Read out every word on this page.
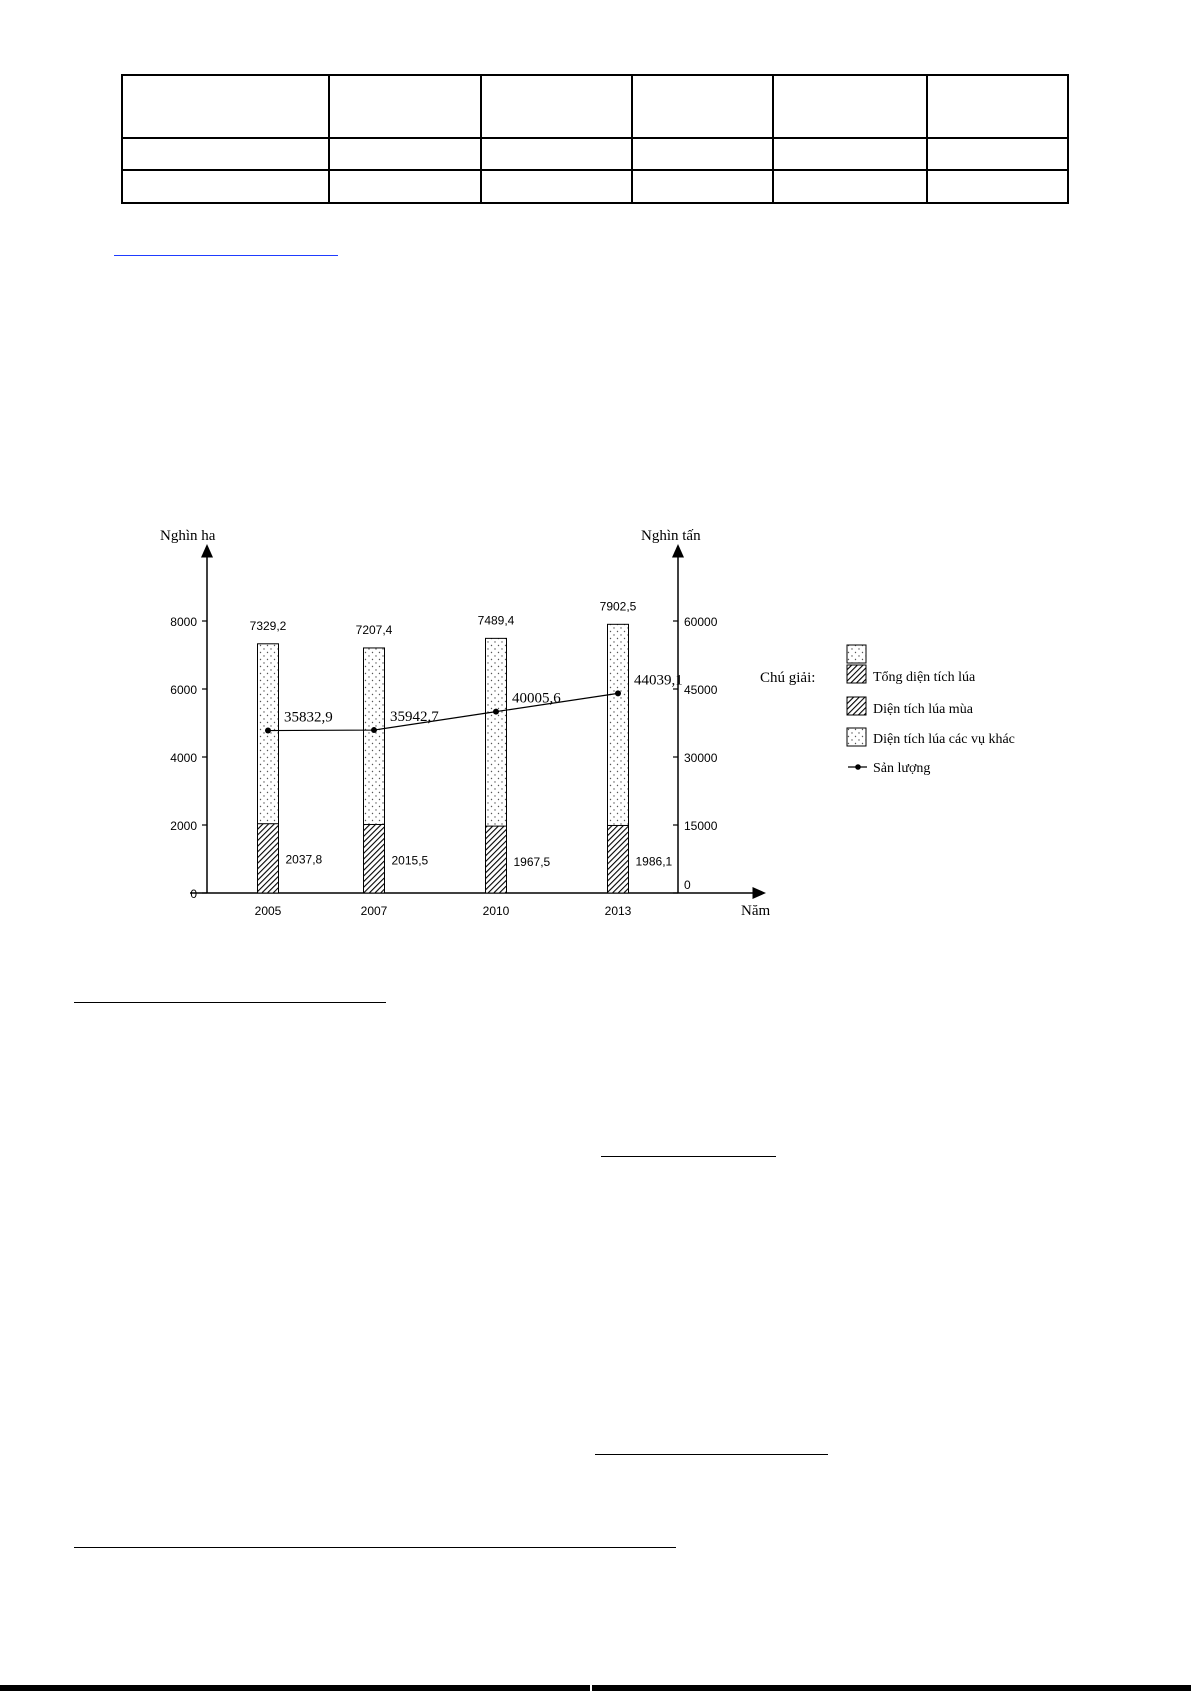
Nghìn ha	Nghìn tấn
Năm
0
2000
4000
6000
8000
0
15000
30000
45000
60000
7329,2
2037,8
7207,4
2015,5
7489,4
1967,5
7902,5
1986,1
35832,9	35942,7
40005,6
44039,1
2005	2007	2010	2013
Chú giải:	Tổng diện tích lúa
Diện tích lúa mùa
Diện tích lúa các vụ khác
Sản lượng
